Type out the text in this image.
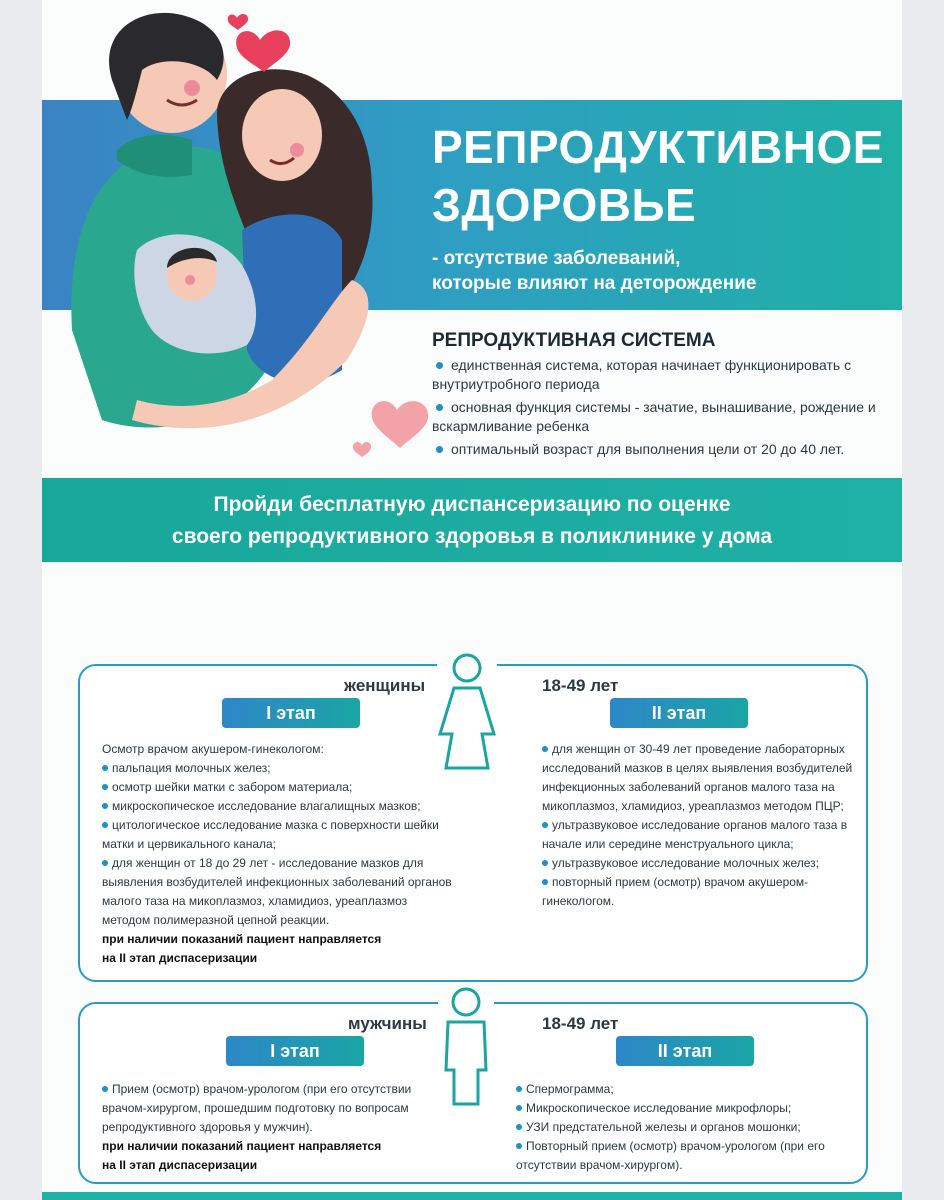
РЕПРОДУКТИВНОЕ
ЗДОРОВЬЕ
- отсутствие заболеваний,
которые влияют на деторождение
РЕПРОДУКТИВНАЯ СИСТЕМА

единственная система, которая начинает функционировать с внутриутробного периода

основная функция системы - зачатие, вынашивание, рождение и вскармливание ребенка

оптимальный возраст для выполнения цели от 20 до 40 лет.

Пройди бесплатную диспансеризацию по оценке
своего репродуктивного здоровья в поликлинике у дома
женщины	18-49 лет
I этап	II этап

Осмотр врачом акушером-гинекологом:

пальпация молочных желез;

осмотр шейки матки с забором материала;

микроскопическое исследование влагалищных мазков;

цитологическое исследование мазка с поверхности шейки матки и цервикального канала;

для женщин от 18 до 29 лет - исследование мазков для выявления возбудителей инфекционных заболеваний органов малого таза на микоплазмоз, хламидиоз, уреаплазмоз методом полимеразной цепной реакции.

при наличии показаний пациент направляется

на II этап диспасеризации

для женщин от 30-49 лет проведение лабораторных исследований мазков в целях выявления возбудителей инфекционных заболеваний органов малого таза на микоплазмоз, хламидиоз, уреаплазмоз методом ПЦР;

ультразвуковое исследование органов малого таза в начале или середине менструального цикла;

ультразвуковое исследование молочных желез;

повторный прием (осмотр) врачом акушером-гинекологом.

мужчины	18-49 лет
I этап	II этап

Прием (осмотр) врачом-урологом (при его отсутствии врачом-хирургом, прошедшим подготовку по вопросам репродуктивного здоровья у мужчин).

при наличии показаний пациент направляется

на II этап диспасеризации

Спермограмма;

Микроскопическое исследование микрофлоры;

УЗИ предстательной железы и органов мошонки;

Повторный прием (осмотр) врачом-урологом (при его отсутствии врачом-хирургом).
